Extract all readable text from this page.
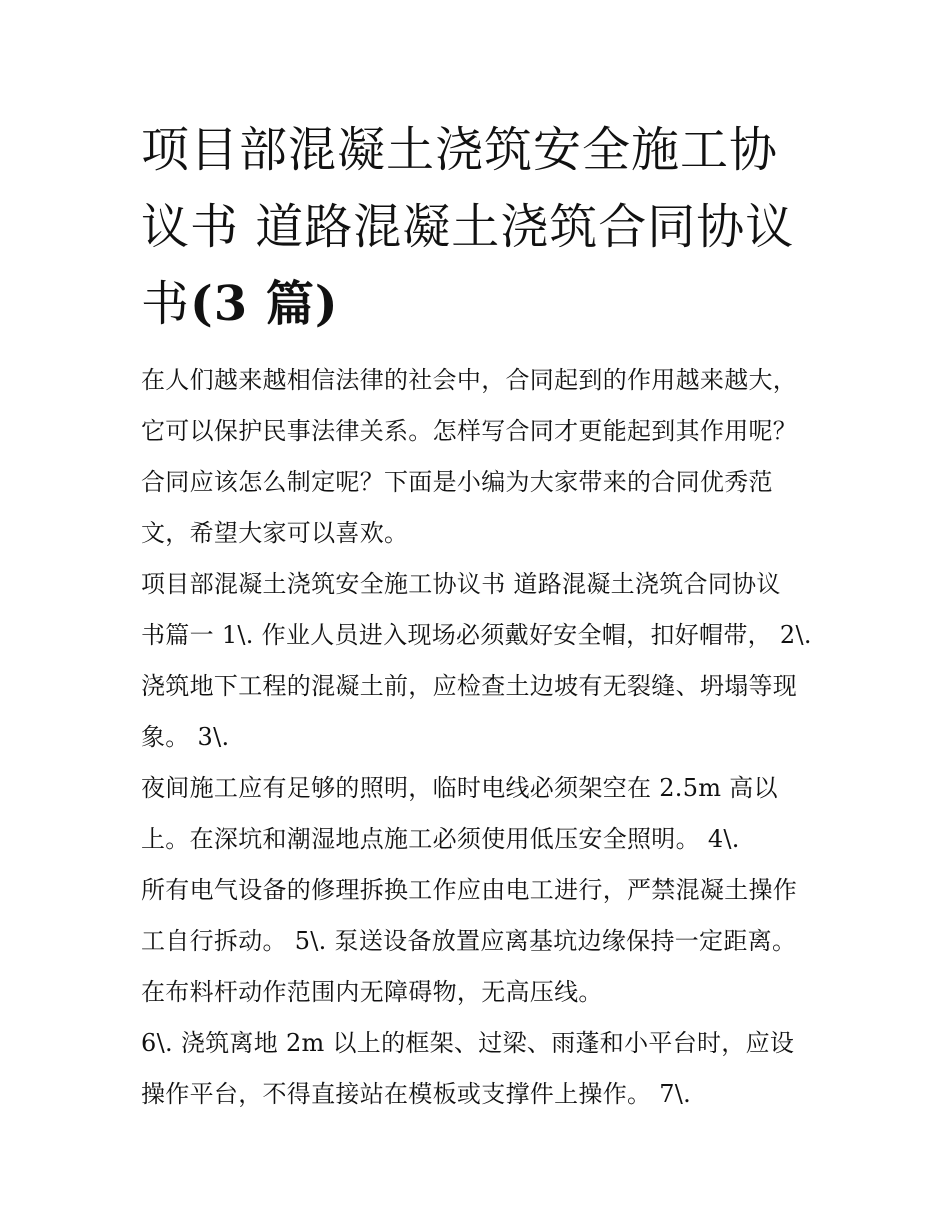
项目部混凝土浇筑安全施工协
议书 道路混凝土浇筑合同协议
书(3 篇)
在人们越来越相信法律的社会中，合同起到的作用越来越大，
它可以保护民事法律关系。怎样写合同才更能起到其作用呢？
合同应该怎么制定呢？下面是小编为大家带来的合同优秀范
文，希望大家可以喜欢。
项目部混凝土浇筑安全施工协议书 道路混凝土浇筑合同协议
书篇一 1\. 作业人员进入现场必须戴好安全帽，扣好帽带， 2\.
浇筑地下工程的混凝土前，应检查土边坡有无裂缝、坍塌等现
象。 3\.
夜间施工应有足够的照明，临时电线必须架空在 2.5m 高以
上。在深坑和潮湿地点施工必须使用低压安全照明。 4\.
所有电气设备的修理拆换工作应由电工进行，严禁混凝土操作
工自行拆动。 5\. 泵送设备放置应离基坑边缘保持一定距离。
在布料杆动作范围内无障碍物，无高压线。
6\. 浇筑离地 2m 以上的框架、过梁、雨蓬和小平台时，应设
操作平台，不得直接站在模板或支撑件上操作。 7\.
